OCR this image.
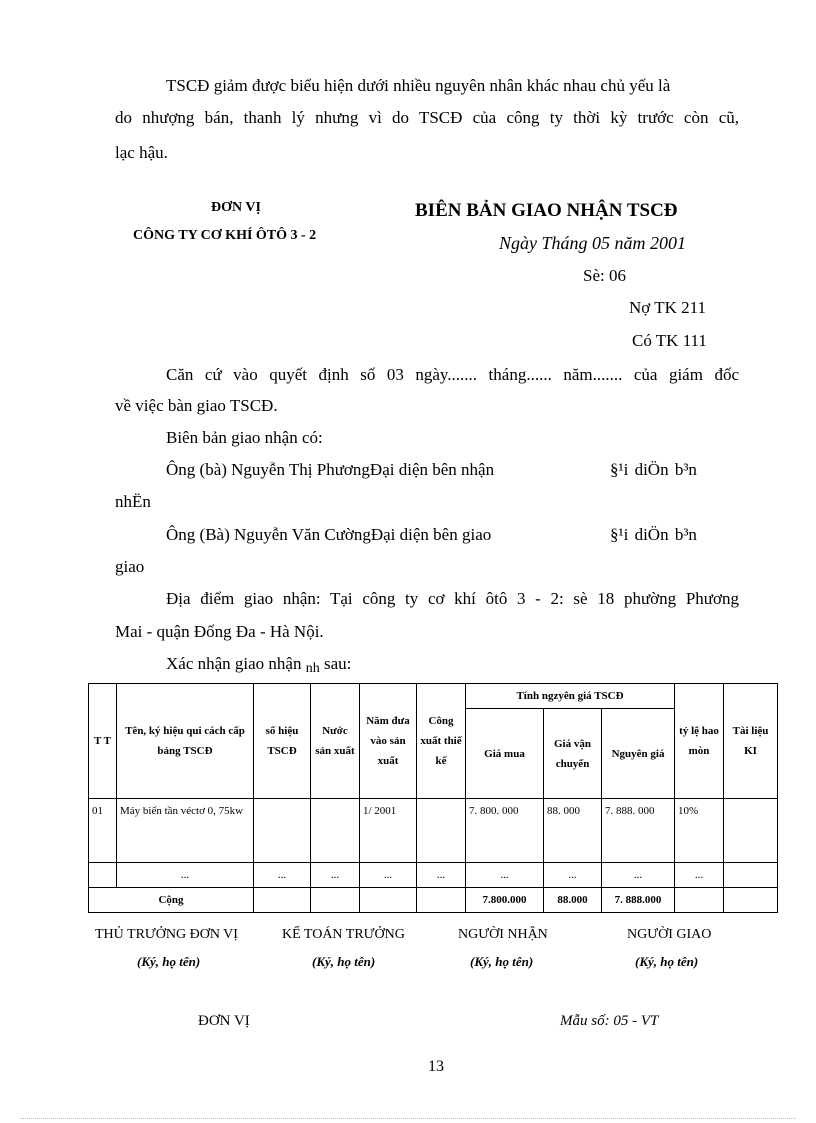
TSCĐ giảm được biểu hiện dưới nhiều nguyên nhân khác nhau chủ yếu là
do nhượng bán, thanh lý nhưng vì do TSCĐ của công ty thời kỳ trước còn cũ,
lạc hậu.
ĐƠN VỊ
CÔNG TY CƠ KHÍ ÔTÔ 3 - 2
BIÊN BẢN GIAO NHẬN TSCĐ
Ngày Tháng 05 năm 2001
Sè: 06
Nợ TK 211
Có TK 111
Căn cứ vào quyết định số 03 ngày....... tháng...... năm....... của giám đốc
về việc bàn giao TSCĐ.
Biên bản giao nhận có:
Ông (bà) Nguyễn Thị PhươngĐại diện bên nhận	§¹i diÖn b³n
nhËn
Ông (Bà) Nguyễn Văn CườngĐại diện bên giao	§¹i diÖn b³n
giao
Địa điểm giao nhận: Tại công ty cơ khí ôtô 3 - 2: sè 18 phường Phương
Mai - quận Đống Đa - Hà Nội.
Xác nhận giao nhận nh sau:
T T	Tên, ký hiệu qui cách cấp bảng TSCĐ	số hiệu TSCĐ	Nước sản xuất	Năm đưa vào sản xuất	Công xuất thiế kế	Tính ngzyên giá TSCĐ			tỷ lệ hao mòn	Tài liệu KI
						Giá mua	Giá vận chuyển	Nguyên giá		
01	Máy biến tần véctơ 0, 75kw			1/ 2001		7. 800. 000	88. 000	7. 888. 000	10%	
	...	...	...	...	...	...	...	...	...	
Cộng						7.800.000	88.000	7. 888.000		
THỦ TRƯỞNG ĐƠN VỊ
(Ký, họ tên)
KẾ TOÁN TRƯỞNG
(Ký, họ tên)
NGƯỜI NHẬN
(Ký, họ tên)
NGƯỜI GIAO
(Ký, họ tên)
ĐƠN VỊ	Mẫu số: 05 - VT
13
